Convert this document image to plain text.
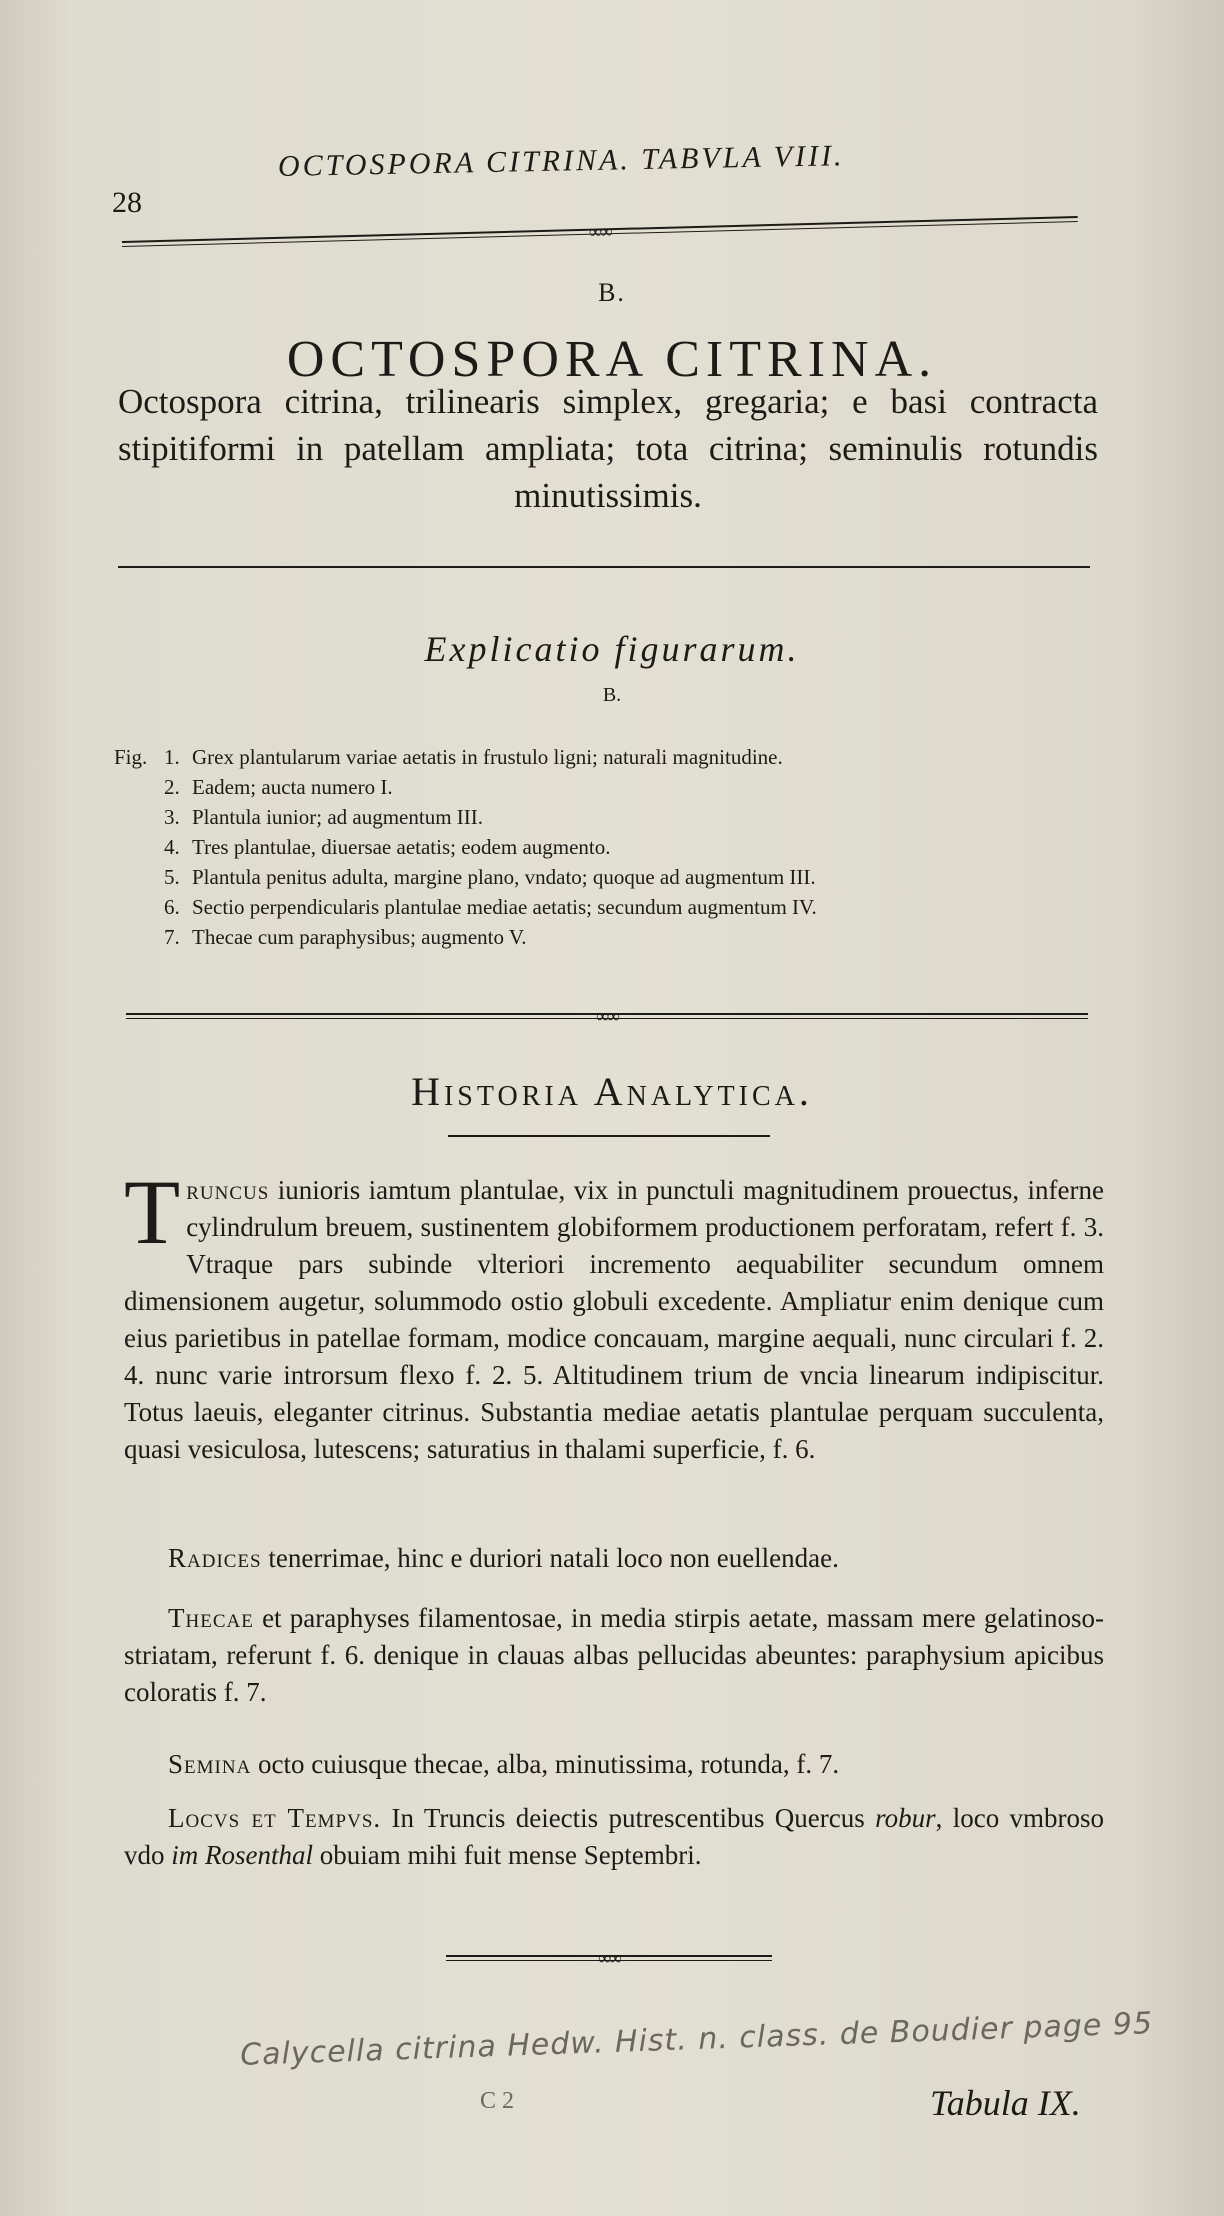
28
OCTOSPORA CITRINA. TABVLA VIII.
∞∞
B.
OCTOSPORA CITRINA.
Octospora citrina, trilinearis simplex, gregaria; e basi contracta stipitiformi in patellam ampliata; tota citrina; seminulis rotundis minutissimis.
Explicatio figurarum.
B.
Fig. 1. Grex plantularum variae aetatis in frustulo ligni; naturali magnitudine.
2. Eadem; aucta numero I.
3. Plantula iunior; ad augmentum III.
4. Tres plantulae, diuersae aetatis; eodem augmento.
5. Plantula penitus adulta, margine plano, vndato; quoque ad augmentum III.
6. Sectio perpendicularis plantulae mediae aetatis; secundum augmentum IV.
7. Thecae cum paraphysibus; augmento V.
∞∞
Historia Analytica.
Truncus iunioris iamtum plantulae, vix in punctuli magnitudinem prouectus, inferne cylindrulum breuem, sustinentem globiformem productionem perforatam, refert f. 3. Vtraque pars subinde vlteriori incremento aequabiliter secundum omnem dimensionem augetur, solummodo ostio globuli excedente. Ampliatur enim denique cum eius parietibus in patellae formam, modice concauam, margine aequali, nunc circulari f. 2. 4. nunc varie introrsum flexo f. 2. 5. Altitudinem trium de vncia linearum indipiscitur. Totus laeuis, eleganter citrinus. Substantia mediae aetatis plantulae perquam succulenta, quasi vesiculosa, lutescens; saturatius in thalami superficie, f. 6.
Radices tenerrimae, hinc e duriori natali loco non euellendae.
Thecae et paraphyses filamentosae, in media stirpis aetate, massam mere gelatinoso-striatam, referunt f. 6. denique in clauas albas pellucidas abeuntes: paraphysium apicibus coloratis f. 7.
Semina octo cuiusque thecae, alba, minutissima, rotunda, f. 7.
Locvs et Tempvs. In Truncis deiectis putrescentibus Quercus robur, loco vmbroso vdo im Rosenthal obuiam mihi fuit mense Septembri.
∞∞
Calycella citrina Hedw. Hist. n. class. de Boudier page 95
C 2	Tabula IX.
